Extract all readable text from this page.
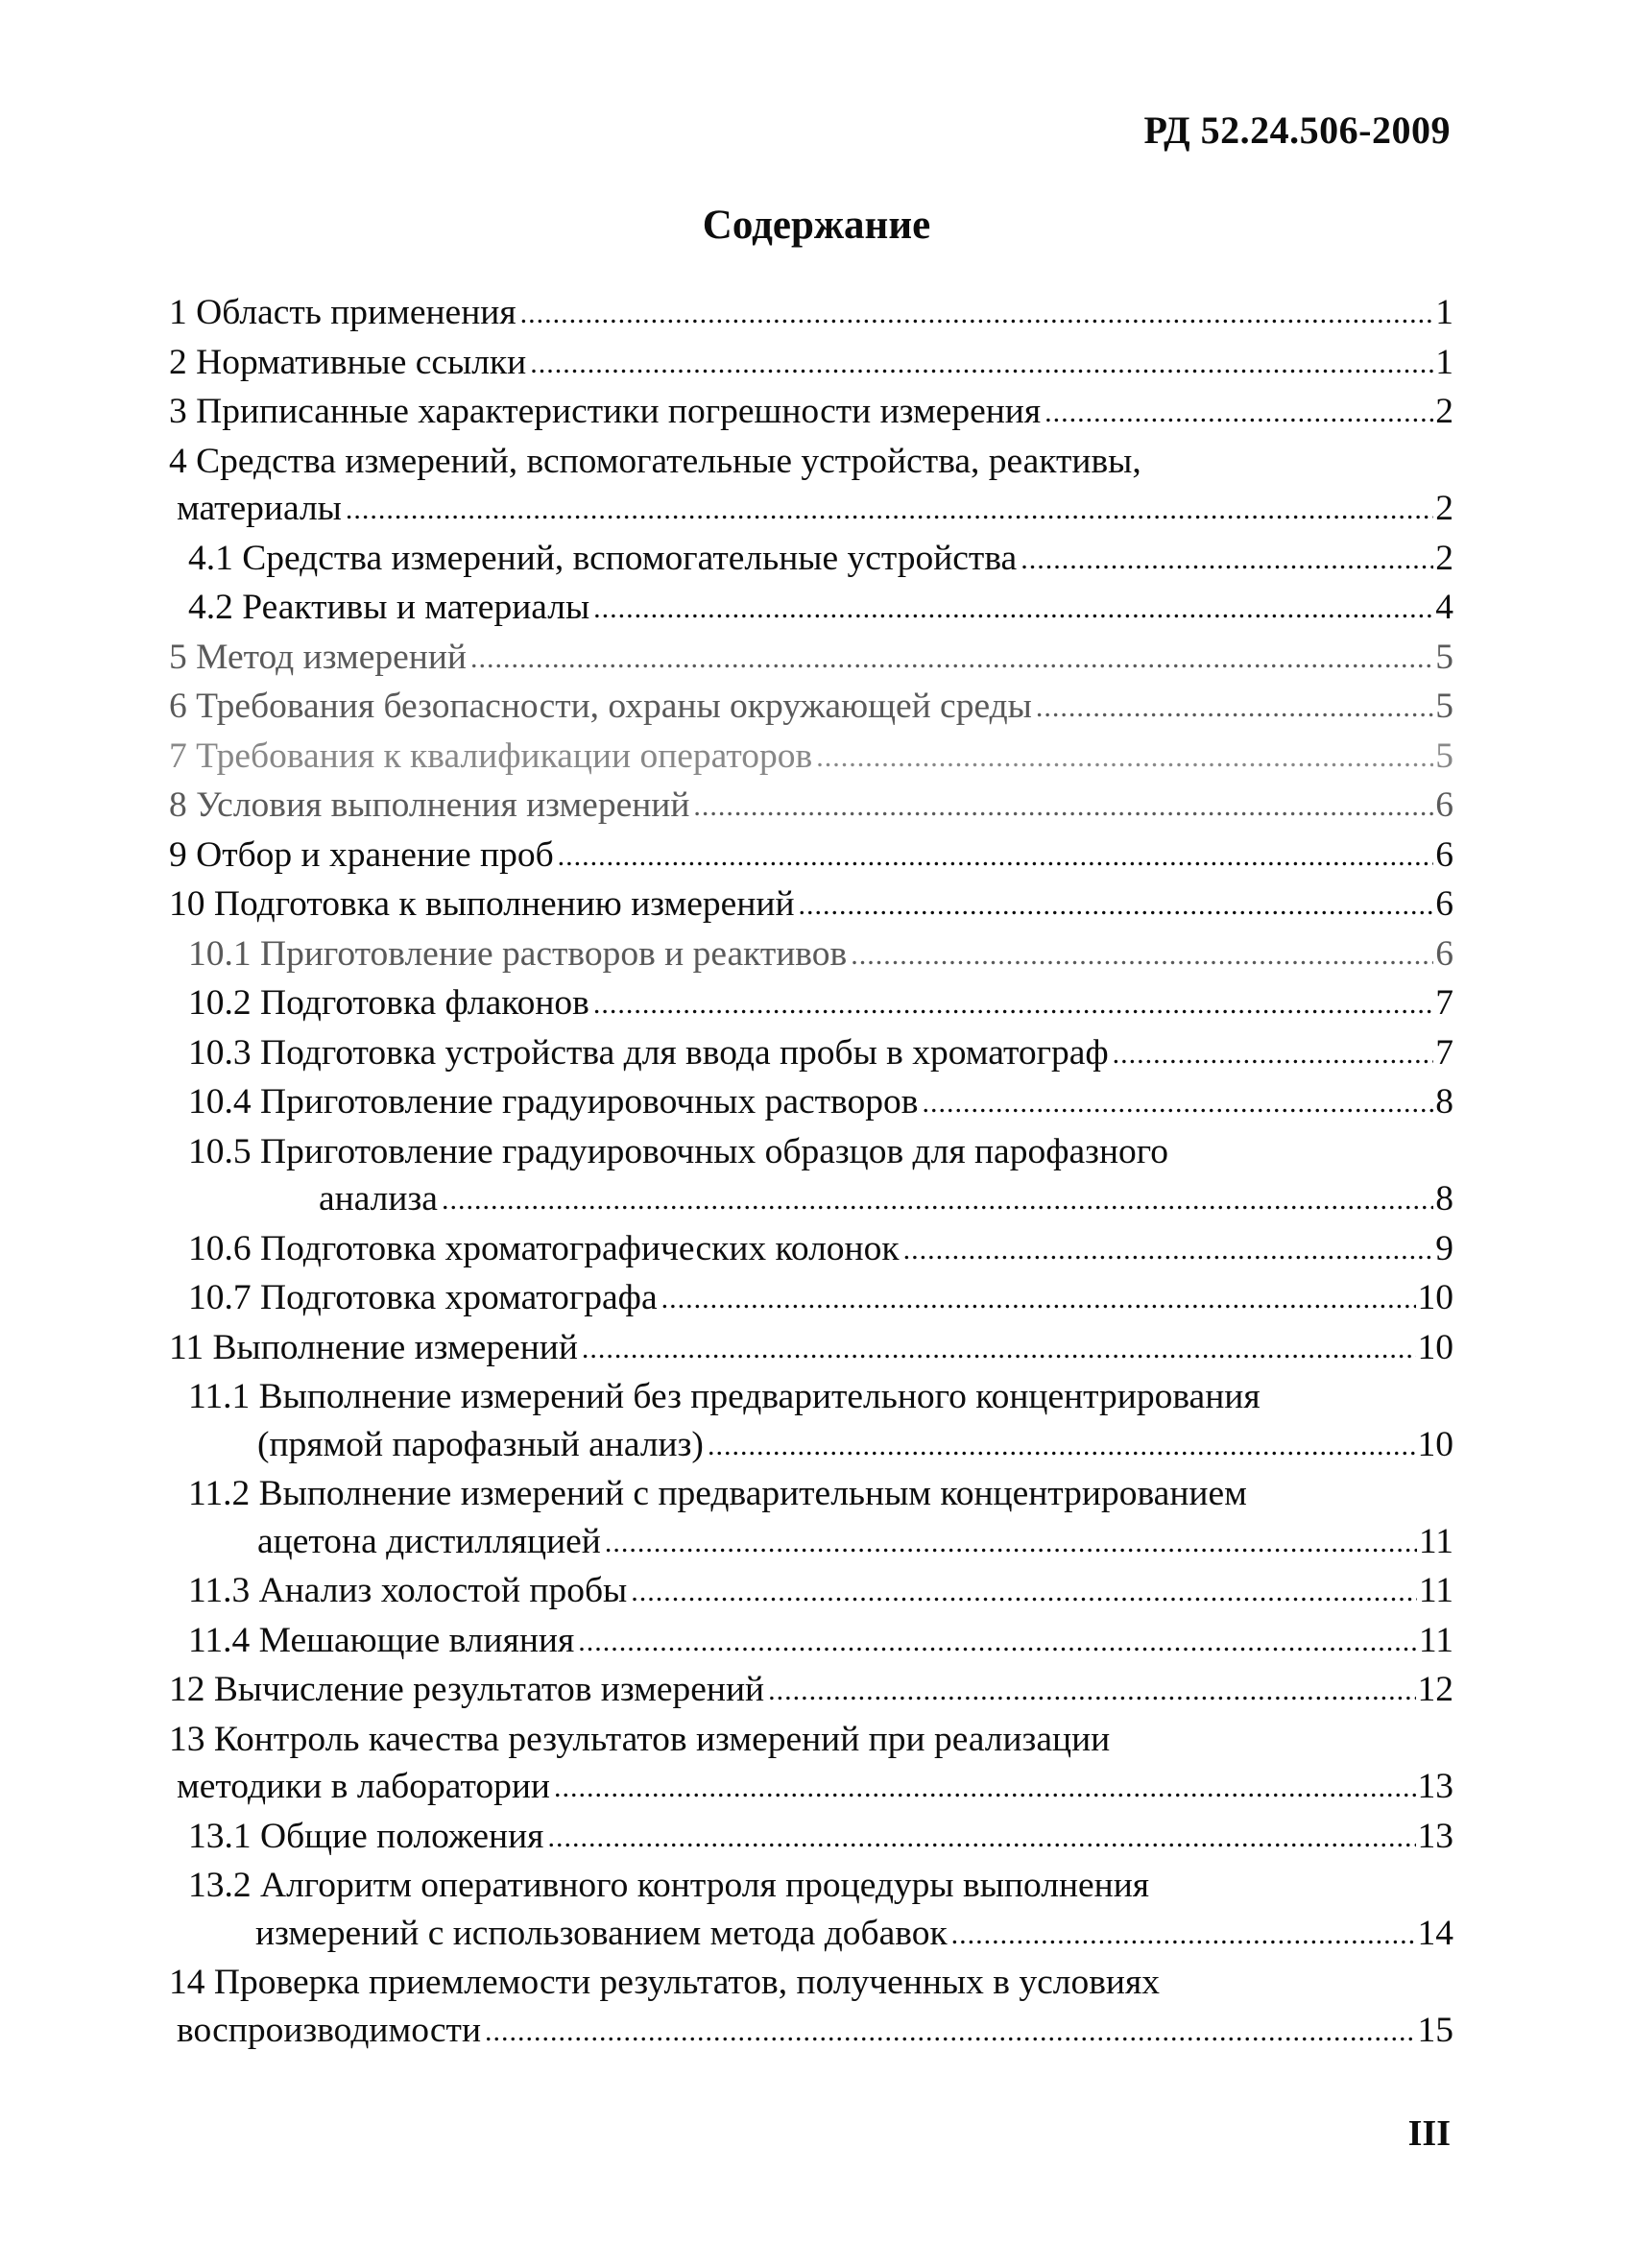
РД 52.24.506-2009
Содержание
1 Область применения .....	1
2 Нормативные ссылки .....	1
3 Приписанные характеристики погрешности измерения .....	2
4 Средства измерений, вспомогательные устройства, реактивы,
материалы .....	2
4.1 Средства измерений, вспомогательные устройства .....	2
4.2 Реактивы и материалы .....	4
5 Метод измерений .....	5
6 Требования безопасности, охраны окружающей среды .....	5
7 Требования к квалификации операторов .....	5
8 Условия выполнения измерений .....	6
9 Отбор и хранение проб .....	6
10 Подготовка к выполнению измерений .....	6
10.1 Приготовление растворов и реактивов .....	6
10.2 Подготовка флаконов .....	7
10.3 Подготовка устройства для ввода пробы в хроматограф .....	7
10.4 Приготовление градуировочных растворов .....	8
10.5 Приготовление градуировочных образцов для парофазного
анализа .....	8
10.6 Подготовка хроматографических колонок .....	9
10.7 Подготовка хроматографа .....	10
11 Выполнение измерений .....	10
11.1 Выполнение измерений без предварительного концентрирования
(прямой парофазный анализ) .....	10
11.2 Выполнение измерений с предварительным концентрированием
ацетона дистилляцией .....	11
11.3 Анализ холостой пробы .....	11
11.4 Мешающие влияния .....	11
12 Вычисление результатов измерений .....	12
13 Контроль качества результатов измерений при реализации
методики в лаборатории .....	13
13.1 Общие положения .....	13
13.2 Алгоритм оперативного контроля процедуры выполнения
измерений с использованием метода добавок .....	14
14 Проверка приемлемости результатов, полученных в условиях
воспроизводимости .....	15
III
